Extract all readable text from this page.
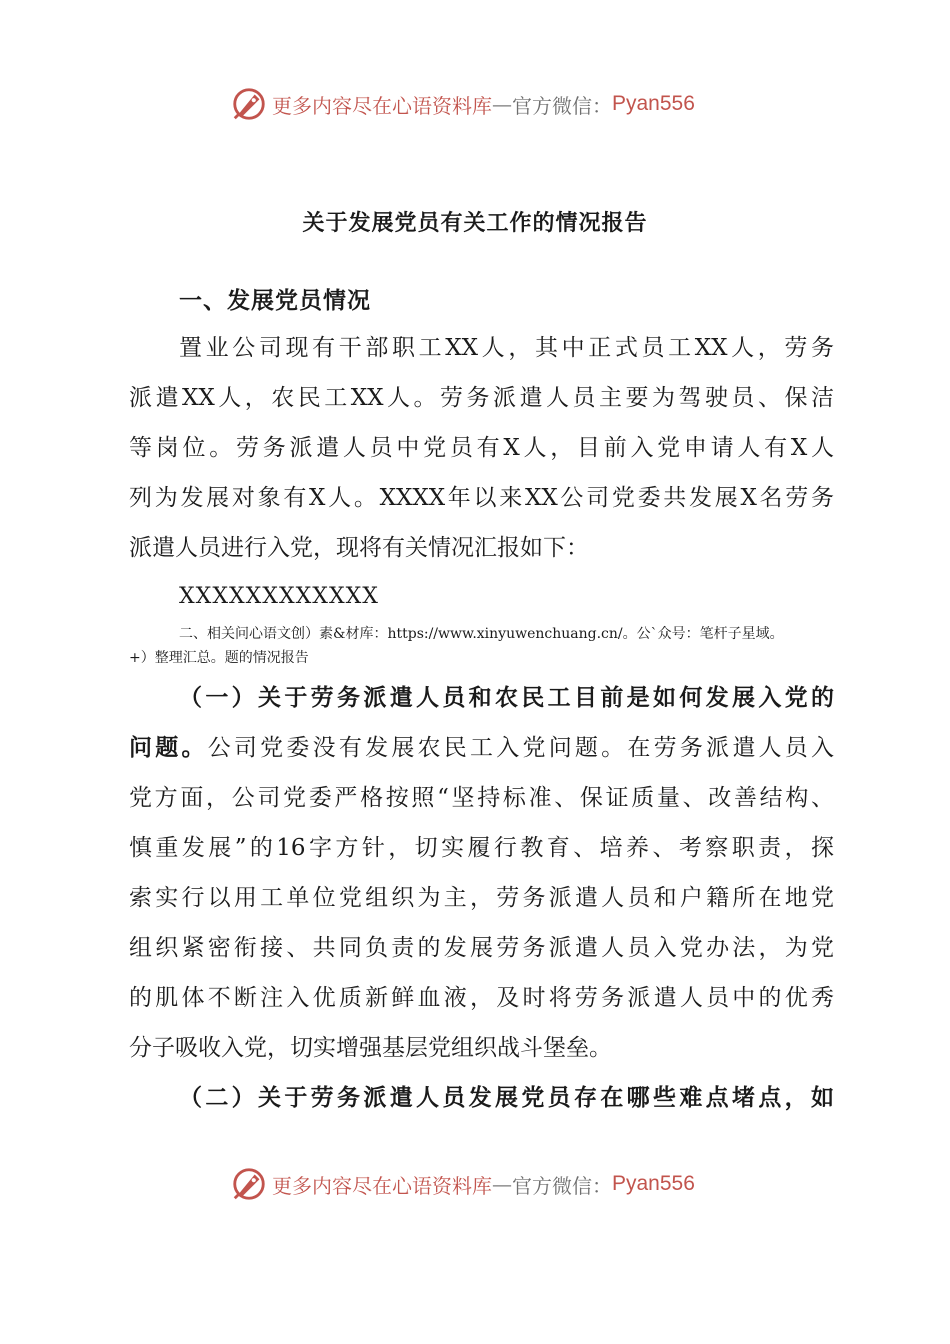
更多内容尽在心语资料库 — 官方微信： Pyan556
关于发展党员有关工作的情况报告
一、发展党员情况
置业公司现有干部职工XX人，其中正式员工XX人，劳务
派遣XX人，农民工XX人。劳务派遣人员主要为驾驶员、保洁
等岗位。劳务派遣人员中党员有X人，目前入党申请人有X人
列为发展对象有X人。XXXX年以来XX公司党委共发展X名劳务
派遣人员进行入党，现将有关情况汇报如下：
XXXXXXXXXXXX
二、相关问心语文创）素&材库：https://www.xinyuwenchuang.cn/。公`众号：笔杆子星域。
+）整理汇总。题的情况报告
（一）关于劳务派遣人员和农民工目前是如何发展入党的
问题。公司党委没有发展农民工入党问题。在劳务派遣人员入
党方面，公司党委严格按照“坚持标准、保证质量、改善结构、
慎重发展”的16字方针，切实履行教育、培养、考察职责，探
索实行以用工单位党组织为主，劳务派遣人员和户籍所在地党
组织紧密衔接、共同负责的发展劳务派遣人员入党办法，为党
的肌体不断注入优质新鲜血液，及时将劳务派遣人员中的优秀
分子吸收入党，切实增强基层党组织战斗堡垒。
（二）关于劳务派遣人员发展党员存在哪些难点堵点，如
更多内容尽在心语资料库 — 官方微信： Pyan556
